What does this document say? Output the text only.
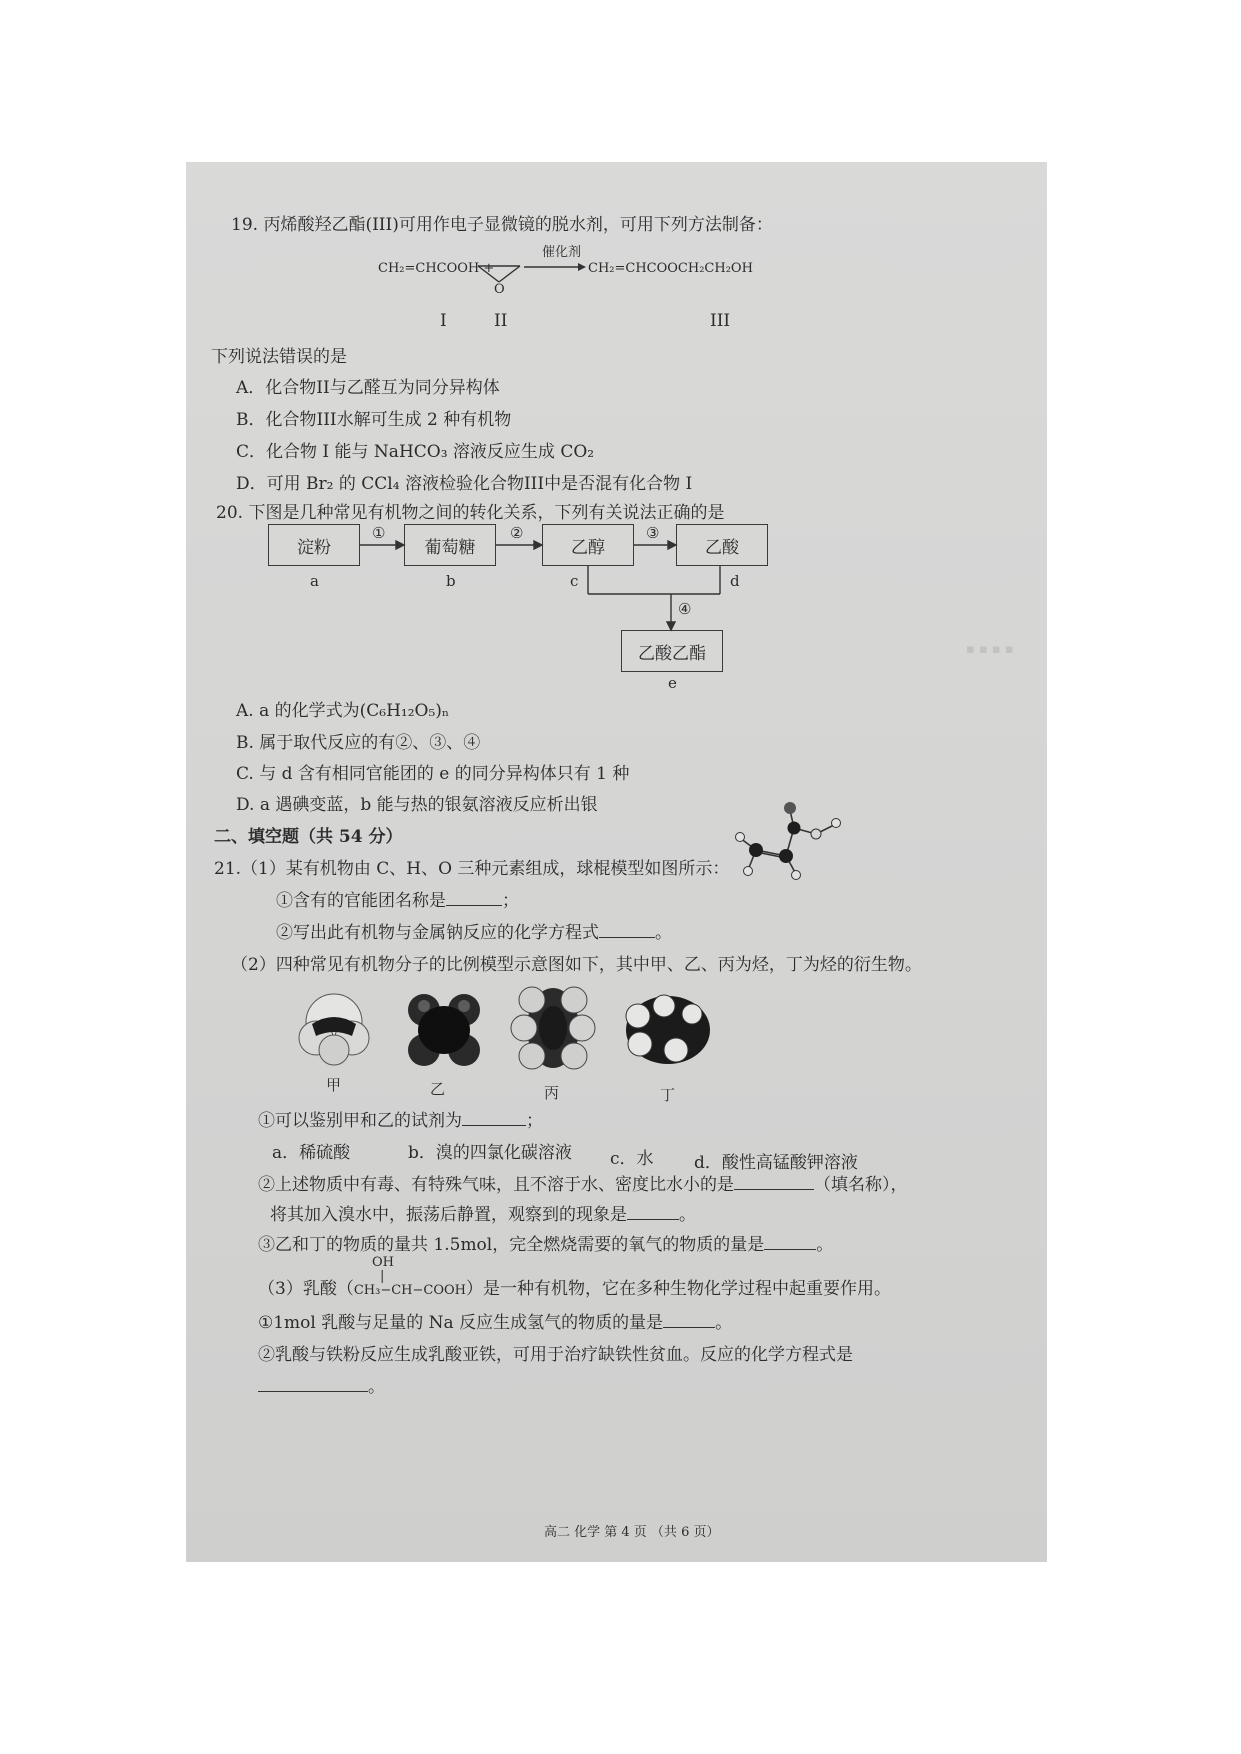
▪ ▪ ▪ ▪
19. 丙烯酸羟乙酯(III)可用作电子显微镜的脱水剂，可用下列方法制备：
CH₂=CHCOOH +
O
催化剂
→ CH₂=CHCOOCH₂CH₂OH
I	II	III
下列说法错误的是
A．化合物II与乙醛互为同分异构体
B．化合物III水解可生成 2 种有机物
C．化合物 I 能与 NaHCO₃ 溶液反应生成 CO₂
D．可用 Br₂ 的 CCl₄ 溶液检验化合物III中是否混有化合物 I
20. 下图是几种常见有机物之间的转化关系，下列有关说法正确的是
淀粉	葡萄糖	乙醇	乙酸
乙酸乙酯
①	②	③
④
a	b	c	d
e
A. a 的化学式为(C₆H₁₂O₅)ₙ
B. 属于取代反应的有②、③、④
C. 与 d 含有相同官能团的 e 的同分异构体只有 1 种
D. a 遇碘变蓝，b 能与热的银氨溶液反应析出银
二、填空题（共 54 分）
21.（1）某有机物由 C、H、O 三种元素组成，球棍模型如图所示：
①含有的官能团名称是	；
②写出此有机物与金属钠反应的化学方程式	。
（2）四种常见有机物分子的比例模型示意图如下，其中甲、乙、丙为烃，丁为烃的衍生物。
甲	乙	丙	丁
①可以鉴别甲和乙的试剂为	；
a．稀硫酸	b．溴的四氯化碳溶液 c．水 d．酸性高锰酸钾溶液
②上述物质中有毒、有特殊气味，且不溶于水、密度比水小的是	（填名称），
将其加入溴水中，振荡后静置，观察到的现象是	。
③乙和丁的物质的量共 1.5mol，完全燃烧需要的氧气的物质的量是	。
OH
|
（3）乳酸（CH₃−CH−COOH）是一种有机物，它在多种生物化学过程中起重要作用。
①1mol 乳酸与足量的 Na 反应生成氢气的物质的量是	。
②乳酸与铁粉反应生成乳酸亚铁，可用于治疗缺铁性贫血。反应的化学方程式是
。
高二 化学 第 4 页 （共 6 页）
